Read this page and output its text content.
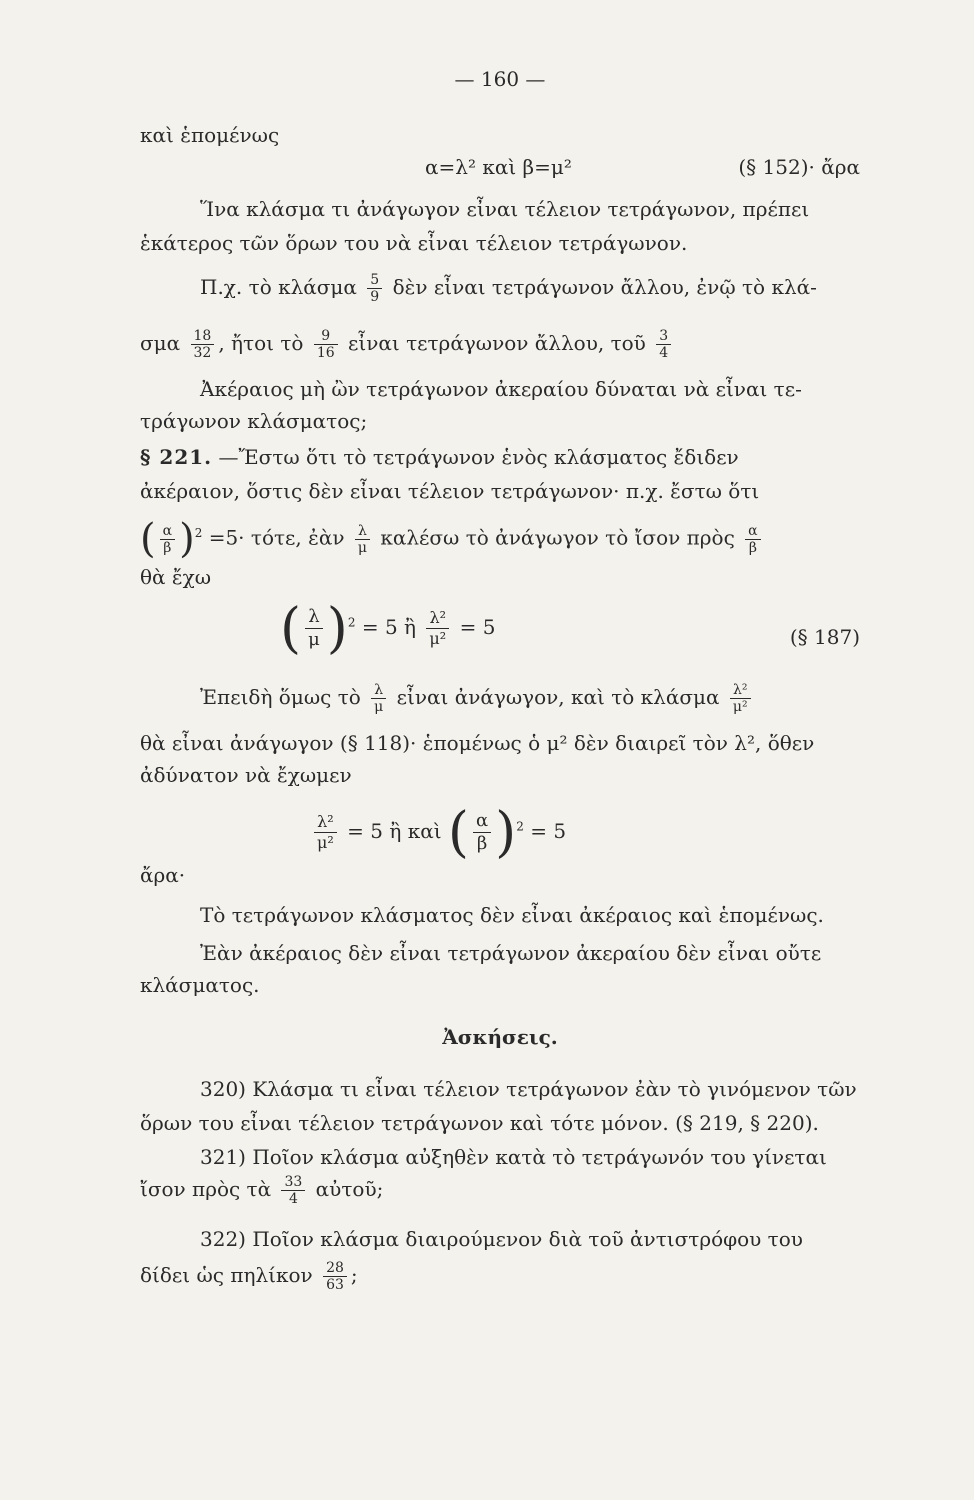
— 160 —
καὶ ἑπομένως
α=λ² καὶ β=μ²	(§ 152)· ἄρα
Ἵνα κλάσμα τι ἀνάγωγον εἶναι τέλειον τετράγωνον, πρέπει
ἑκάτερος τῶν ὅρων του νὰ εἶναι τέλειον τετράγωνον.
Π.χ. τὸ κλάσμα $\frac{5}{9}$ δὲν εἶναι τετράγωνον ἄλλου, ἐνῷ τὸ κλά-
σμα $\frac{18}{32}$ , ἤτοι τὸ $\frac{9}{16}$ εἶναι τετράγωνον ἄλλου, τοῦ $\frac{3}{4}$
Ἀκέραιος μὴ ὢν τετράγωνον ἀκεραίου δύναται νὰ εἶναι τε-
τράγωνον κλάσματος;
§ 221. —Ἔστω ὅτι τὸ τετράγωνον ἑνὸς κλάσματος ἔδιδεν
ἀκέραιον, ὅστις δὲν εἶναι τέλειον τετράγωνον· π.χ. ἔστω ὅτι
( $\frac{\alpha}{\beta} )^2 =5\cdot \tau ό\tau\varepsilon$, ἐὰν $\frac{\lambda}{\mu}$ καλέσω τὸ ἀνάγωγον τὸ ἴσον πρὸς $\frac{\alpha}{\beta}$
θὰ ἔχω
( $\frac{\lambda}{\mu} )^2 = 5$ ἢ $\frac{\text{λ²}}{\text{μ²}} = 5$	(§ 187)
Ἐπειδὴ ὅμως τὸ $\frac{\lambda}{\mu}$ εἶναι ἀνάγωγον, καὶ τὸ κλάσμα $\frac{\text{λ²}}{\text{μ²}}$
θὰ εἶναι ἀνάγωγον (§ 118)· ἑπομένως ὁ μ² δὲν διαιρεῖ τὸν λ², ὅθεν
ἀδύνατον νὰ ἔχωμεν
$\frac{\text{λ²}}{\text{μ²}} = 5$ ἢ καὶ ( $\frac{\alpha}{\beta} )^2 = 5$
ἄρα·
Τὸ τετράγωνον κλάσματος δὲν εἶναι ἀκέραιος καὶ ἑπομένως.
Ἐὰν ἀκέραιος δὲν εἶναι τετράγωνον ἀκεραίου δὲν εἶναι οὔτε
κλάσματος.
Ἀσκήσεις.
320) Κλάσμα τι εἶναι τέλειον τετράγωνον ἐὰν τὸ γινόμενον τῶν
ὅρων του εἶναι τέλειον τετράγωνον καὶ τότε μόνον. (§ 219, § 220).
321) Ποῖον κλάσμα αὐξηθὲν κατὰ τὸ τετράγωνόν του γίνεται
ἴσον πρὸς τὰ $\frac{33}{4}$ αὐτοῦ;
322) Ποῖον κλάσμα διαιρούμενον διὰ τοῦ ἀντιστρόφου του
δίδει ὡς πηλίκον $\frac{28}{63}$ ;
